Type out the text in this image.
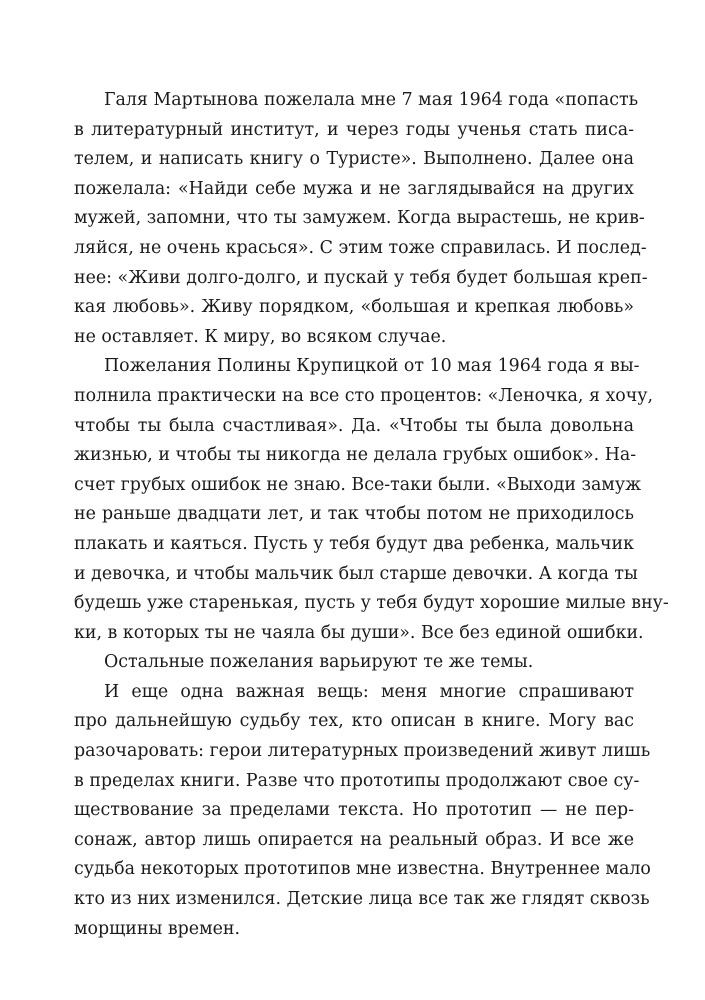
Галя Мартынова пожелала мне 7 мая 1964 года «попасть
в литературный институт, и через годы ученья стать писа-
телем, и написать книгу о Туристе». Выполнено. Далее она
пожелала: «Найди себе мужа и не заглядывайся на других
мужей, запомни, что ты замужем. Когда вырастешь, не крив-
ляйся, не очень красься». С этим тоже справилась. И послед-
нее: «Живи долго-долго, и пускай у тебя будет большая креп-
кая любовь». Живу порядком, «большая и крепкая любовь»
не оставляет. К миру, во всяком случае.
Пожелания Полины Крупицкой от 10 мая 1964 года я вы-
полнила практически на все сто процентов: «Леночка, я хочу,
чтобы ты была счастливая». Да. «Чтобы ты была довольна
жизнью, и чтобы ты никогда не делала грубых ошибок». На-
счет грубых ошибок не знаю. Все-таки были. «Выходи замуж
не раньше двадцати лет, и так чтобы потом не приходилось
плакать и каяться. Пусть у тебя будут два ребенка, мальчик
и девочка, и чтобы мальчик был старше девочки. А когда ты
будешь уже старенькая, пусть у тебя будут хорошие милые вну-
ки, в которых ты не чаяла бы души». Все без единой ошибки.
Остальные пожелания варьируют те же темы.
И еще одна важная вещь: меня многие спрашивают
про дальнейшую судьбу тех, кто описан в книге. Могу вас
разочаровать: герои литературных произведений живут лишь
в пределах книги. Разве что прототипы продолжают свое су-
ществование за пределами текста. Но прототип — не пер-
сонаж, автор лишь опирается на реальный образ. И все же
судьба некоторых прототипов мне известна. Внутреннее мало
кто из них изменился. Детские лица все так же глядят сквозь
морщины времен.
